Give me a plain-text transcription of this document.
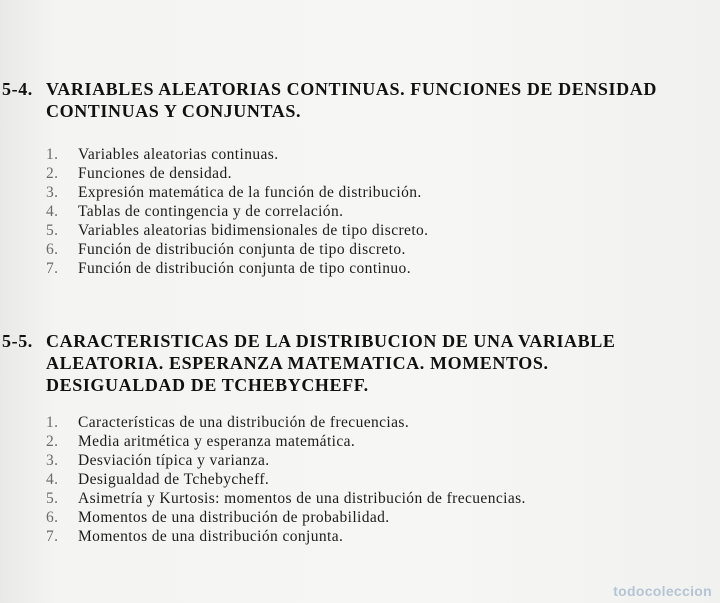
5-4. VARIABLES ALEATORIAS CONTINUAS. FUNCIONES DE DENSIDAD
CONTINUAS Y CONJUNTAS.
1.	Variables aleatorias continuas.
2.	Funciones de densidad.
3.	Expresión matemática de la función de distribución.
4.	Tablas de contingencia y de correlación.
5.	Variables aleatorias bidimensionales de tipo discreto.
6.	Función de distribución conjunta de tipo discreto.
7.	Función de distribución conjunta de tipo continuo.
5-5. CARACTERISTICAS DE LA DISTRIBUCION DE UNA VARIABLE
ALEATORIA. ESPERANZA MATEMATICA. MOMENTOS.
DESIGUALDAD DE TCHEBYCHEFF.
1.	Características de una distribución de frecuencias.
2.	Media aritmética y esperanza matemática.
3.	Desviación típica y varianza.
4.	Desigualdad de Tchebycheff.
5.	Asimetría y Kurtosis: momentos de una distribución de frecuencias.
6.	Momentos de una distribución de probabilidad.
7.	Momentos de una distribución conjunta.
todocoleccion
